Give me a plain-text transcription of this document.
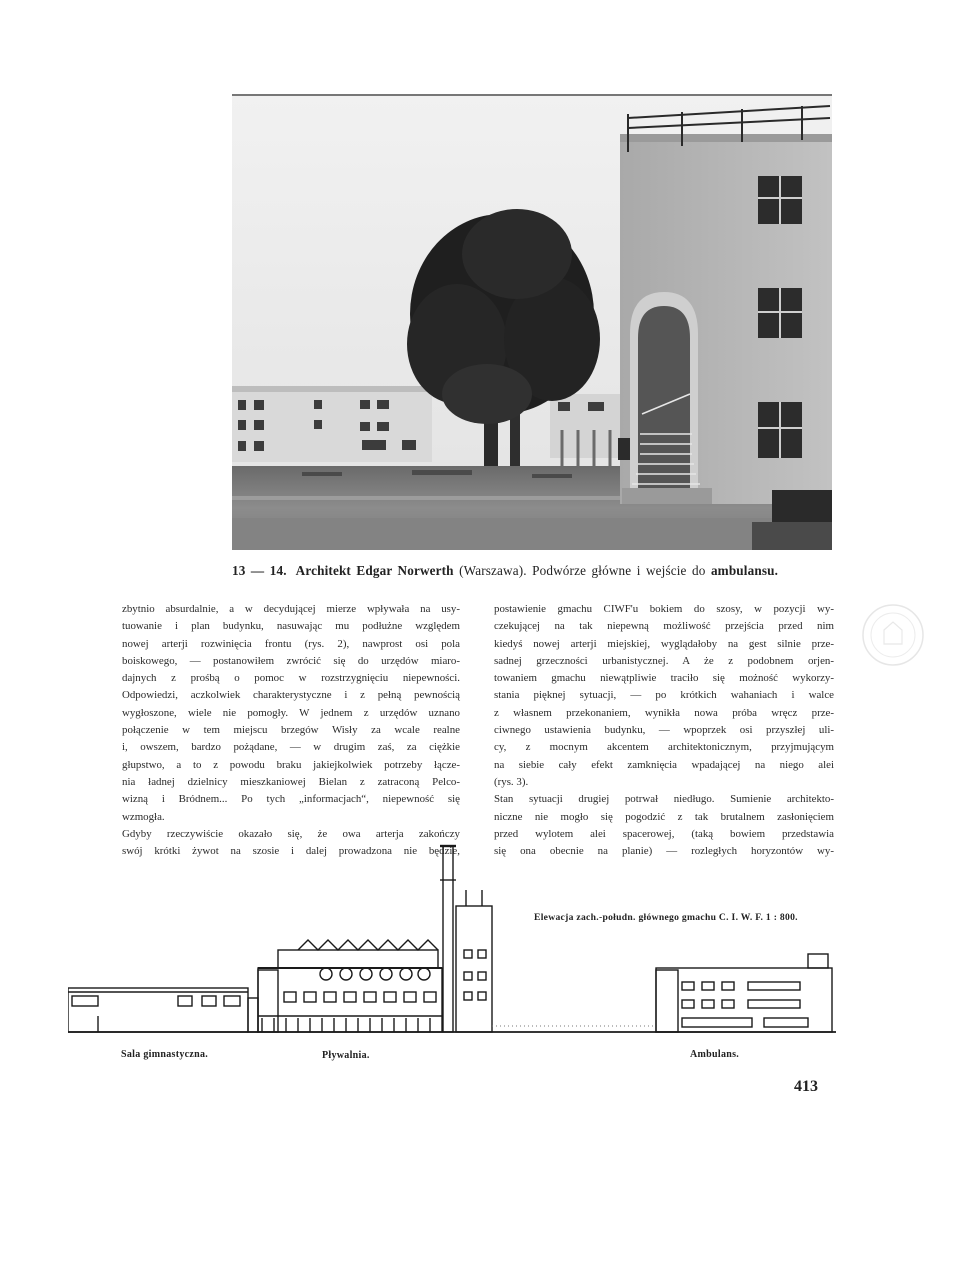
13 — 14. Architekt Edgar Norwerth (Warszawa). Podwórze główne i wejście do ambulansu.
zbytnio absurdalnie, a w decydującej mierze wpływała na usy-
tuowanie i plan budynku, nasuwając mu podłużne względem
nowej arterji rozwinięcia frontu (rys. 2), nawprost osi pola
boiskowego, — postanowiłem zwrócić się do urzędów miaro-
dajnych z prośbą o pomoc w rozstrzygnięciu niepewności.
Odpowiedzi, aczkolwiek charakterystyczne i z pełną pewnością
wygłoszone, wiele nie pomogły. W jednem z urzędów uznano
połączenie w tem miejscu brzegów Wisły za wcale realne
i, owszem, bardzo pożądane, — w drugim zaś, za ciężkie
głupstwo, a to z powodu braku jakiejkolwiek potrzeby łącze-
nia ładnej dzielnicy mieszkaniowej Bielan z zatraconą Pelco-
wizną i Bródnem... Po tych „informacjach“, niepewność się
wzmogła.
Gdyby rzeczywiście okazało się, że owa arterja zakończy
swój krótki żywot na szosie i dalej prowadzona nie będzie,
postawienie gmachu CIWF'u bokiem do szosy, w pozycji wy-
czekującej na tak niepewną możliwość przejścia przed nim
kiedyś nowej arterji miejskiej, wyglądałoby na gest silnie prze-
sadnej grzeczności urbanistycznej. A że z podobnem orjen-
towaniem gmachu niewątpliwie traciło się możność wykorzy-
stania pięknej sytuacji, — po krótkich wahaniach i walce
z własnem przekonaniem, wynikła nowa próba wręcz prze-
ciwnego ustawienia budynku, — wpoprzek osi przyszłej uli-
cy, z mocnym akcentem architektonicznym, przyjmującym
na siebie cały efekt zamknięcia wpadającej na niego alei
(rys. 3).
Stan sytuacji drugiej potrwał niedługo. Sumienie architekto-
niczne nie mogło się pogodzić z tak brutalnem zasłonięciem
przed wylotem alei spacerowej, (taką bowiem przedstawia
się ona obecnie na planie) — rozległych horyzontów wy-
Elewacja zach.-połudn. głównego gmachu C. I. W. F. 1 : 800.
Sala gimnastyczna.	Pływalnia.	Ambulans.
413
